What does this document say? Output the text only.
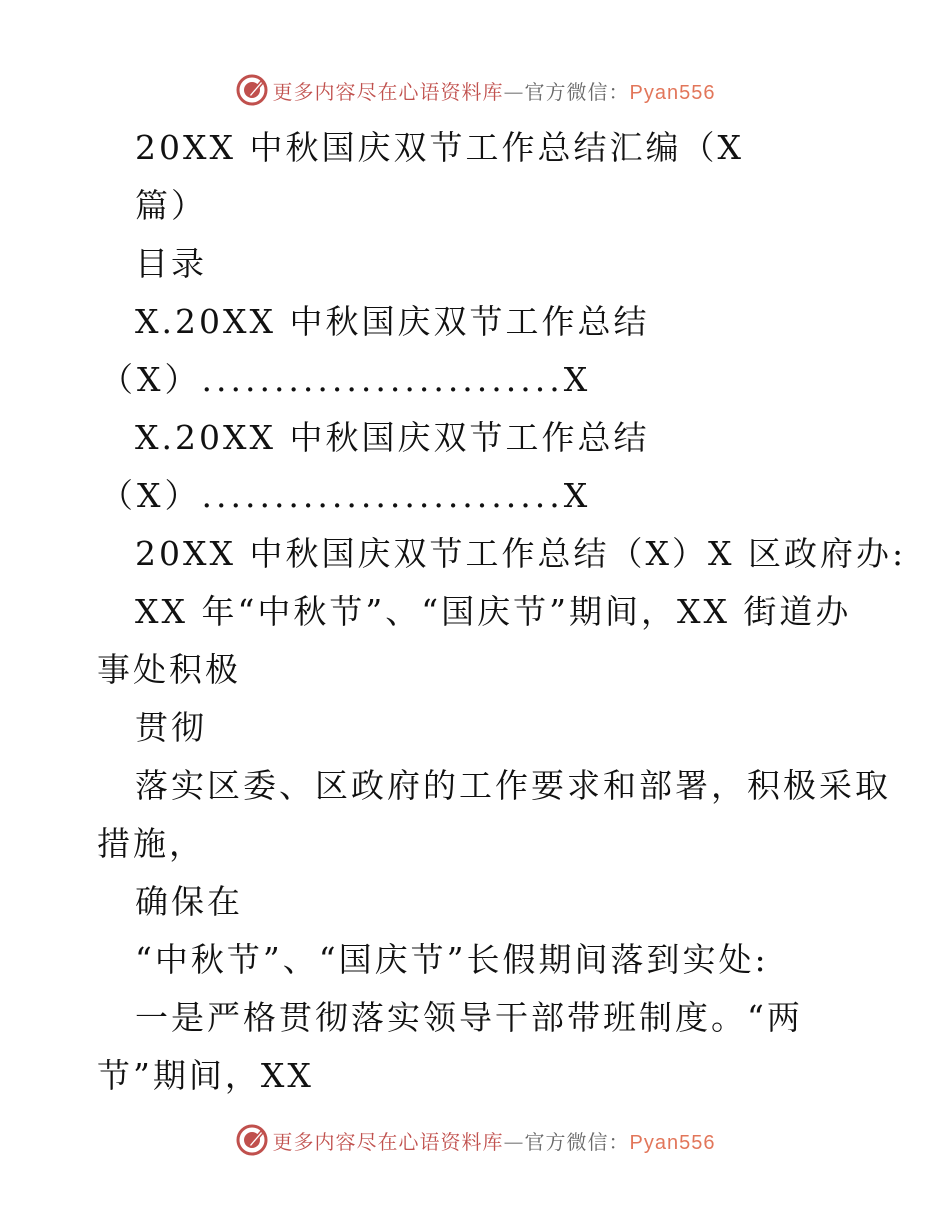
更多内容尽在心语资料库—官方微信：Pyan556
20XX 中秋国庆双节工作总结汇编（X
篇）
目录
X.20XX 中秋国庆双节工作总结
（X）.........................X
X.20XX 中秋国庆双节工作总结
（X）.........................X
20XX 中秋国庆双节工作总结（X）X 区政府办:
XX 年“中秋节”、“国庆节”期间，XX 街道办
事处积极
贯彻
落实区委、区政府的工作要求和部署，积极采取
措施，
确保在
“中秋节”、“国庆节”长假期间落到实处:
一是严格贯彻落实领导干部带班制度。“两
节”期间，XX
更多内容尽在心语资料库—官方微信：Pyan556
